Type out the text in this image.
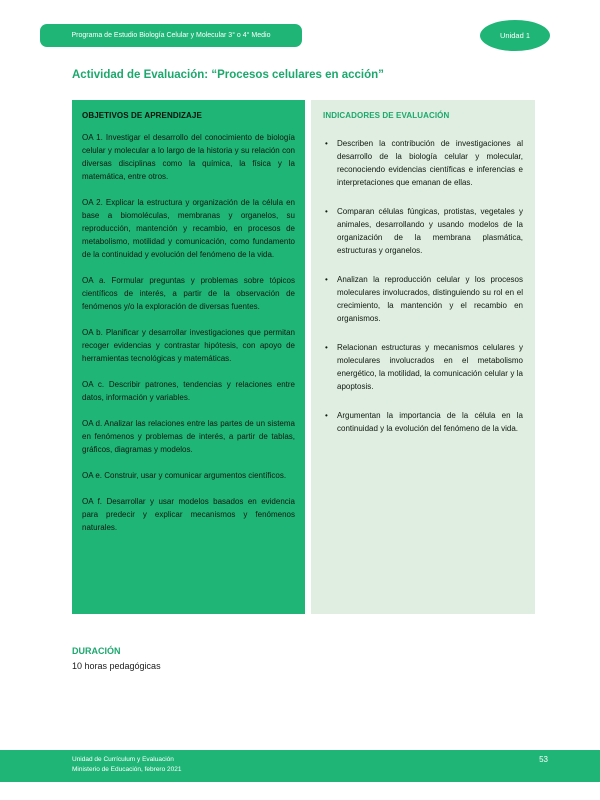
Programa de Estudio Biología Celular y Molecular 3° o 4° Medio	Unidad 1
Actividad de Evaluación: “Procesos celulares en acción”
OBJETIVOS DE APRENDIZAJE

OA 1. Investigar el desarrollo del conocimiento de biología celular y molecular a lo largo de la historia y su relación con diversas disciplinas como la química, la física y la matemática, entre otros.

OA 2. Explicar la estructura y organización de la célula en base a biomoléculas, membranas y organelos, su reproducción, mantención y recambio, en procesos de metabolismo, motilidad y comunicación, como fundamento de la continuidad y evolución del fenómeno de la vida.

OA a. Formular preguntas y problemas sobre tópicos científicos de interés, a partir de la observación de fenómenos y/o la exploración de diversas fuentes.

OA b. Planificar y desarrollar investigaciones que permitan recoger evidencias y contrastar hipótesis, con apoyo de herramientas tecnológicas y matemáticas.

OA c. Describir patrones, tendencias y relaciones entre datos, información y variables.

OA d. Analizar las relaciones entre las partes de un sistema en fenómenos y problemas de interés, a partir de tablas, gráficos, diagramas y modelos.

OA e. Construir, usar y comunicar argumentos científicos.

OA f. Desarrollar y usar modelos basados en evidencia para predecir y explicar mecanismos y fenómenos naturales.

INDICADORES DE EVALUACIÓN
•	Describen la contribución de investigaciones al desarrollo de la biología celular y molecular, reconociendo evidencias científicas e inferencias e interpretaciones que emanan de ellas.

•	Comparan células fúngicas, protistas, vegetales y animales, desarrollando y usando modelos de la organización de la membrana plasmática, estructuras y organelos.

•	Analizan la reproducción celular y los procesos moleculares involucrados, distinguiendo su rol en el crecimiento, la mantención y el recambio en organismos.

•	Relacionan estructuras y mecanismos celulares y moleculares involucrados en el metabolismo energético, la motilidad, la comunicación celular y la apoptosis.

•	Argumentan la importancia de la célula en la continuidad y la evolución del fenómeno de la vida.

DURACIÓN
10 horas pedagógicas
Unidad de Currículum y Evaluación
Ministerio de Educación, febrero 2021
53
